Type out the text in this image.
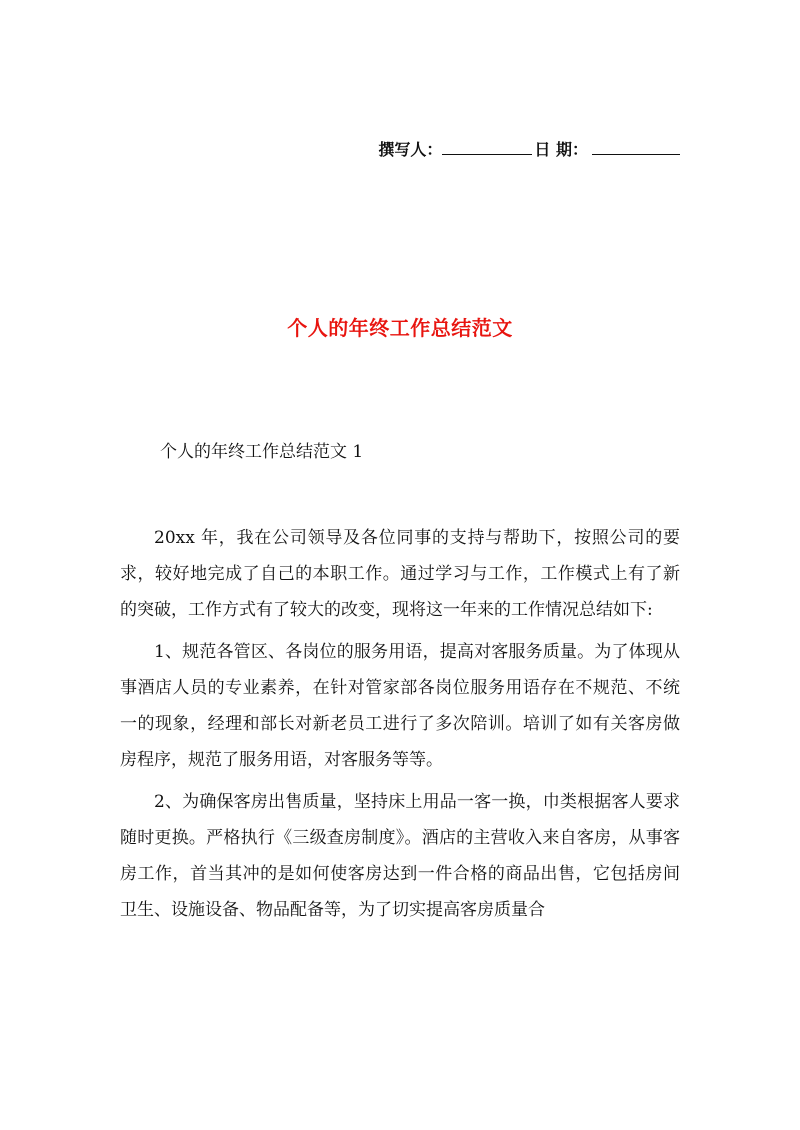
撰写人：	日 期：
个人的年终工作总结范文
个人的年终工作总结范文 1

20xx 年，我在公司领导及各位同事的支持与帮助下，按照公司的要求，较好地完成了自己的本职工作。通过学习与工作，工作模式上有了新的突破，工作方式有了较大的改变，现将这一年来的工作情况总结如下:

1、规范各管区、各岗位的服务用语，提高对客服务质量。为了体现从事酒店人员的专业素养，在针对管家部各岗位服务用语存在不规范、不统一的现象，经理和部长对新老员工进行了多次陪训。培训了如有关客房做房程序，规范了服务用语，对客服务等等。

2、为确保客房出售质量，坚持床上用品一客一换，巾类根据客人要求随时更换。严格执行《三级查房制度》。酒店的主营收入来自客房，从事客房工作，首当其冲的是如何使客房达到一件合格的商品出售，它包括房间卫生、设施设备、物品配备等，为了切实提高客房质量合
